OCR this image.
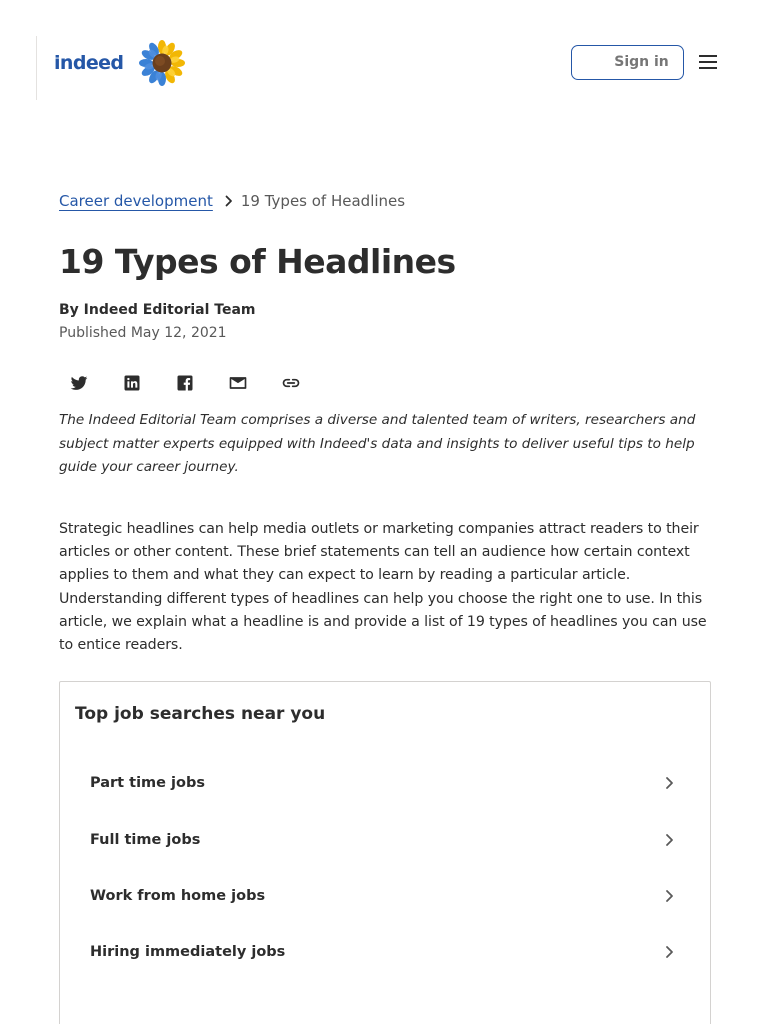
indeed	Sign in
Career development 19 Types of Headlines
19 Types of Headlines
By Indeed Editorial Team
Published May 12, 2021

The Indeed Editorial Team comprises a diverse and talented team of writers, researchers and subject matter experts equipped with Indeed's data and insights to deliver useful tips to help guide your career journey.

Strategic headlines can help media outlets or marketing companies attract readers to their articles or other content. These brief statements can tell an audience how certain context applies to them and what they can expect to learn by reading a particular article. Understanding different types of headlines can help you choose the right one to use. In this article, we explain what a headline is and provide a list of 19 types of headlines you can use to entice readers.

Top job searches near you
Part time jobs
Full time jobs
Work from home jobs
Hiring immediately jobs
